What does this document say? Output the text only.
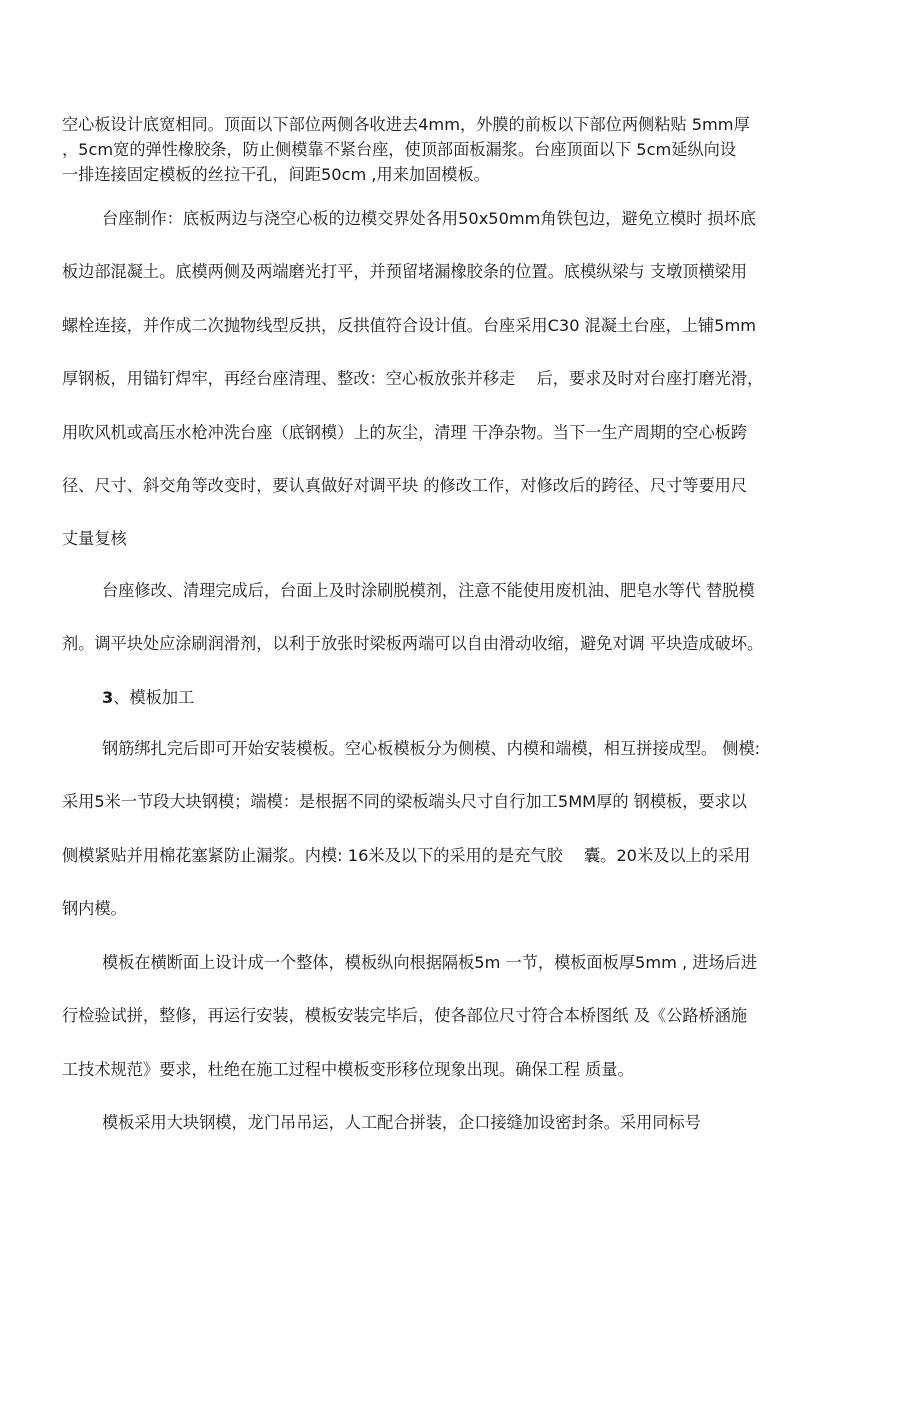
空心板设计底宽相同。顶面以下部位两侧各收进去4mm，外膜的前板以下部位两侧粘贴 5mm厚
，5cm宽的弹性橡胶条，防止侧模靠不紧台座，使顶部面板漏浆。台座顶面以下 5cm延纵向设
一排连接固定模板的丝拉干孔，间距50cm ,用来加固模板。
台座制作：底板两边与浇空心板的边模交界处各用50x50mm角铁包边，避免立模时 损坏底
板边部混凝土。底模两侧及两端磨光打平，并预留堵漏橡胶条的位置。底模纵梁与 支墩顶横梁用
螺栓连接，并作成二次抛物线型反拱，反拱值符合设计值。台座采用C30 混凝土台座，上铺5mm
厚钢板，用锚钉焊牢，再经台座清理、整改：空心板放张并移走　 后，要求及时对台座打磨光滑，
用吹风机或高压水枪冲洗台座（底钢模）上的灰尘，清理 干净杂物。当下一生产周期的空心板跨
径、尺寸、斜交角等改变时，要认真做好对调平块 的修改工作，对修改后的跨径、尺寸等要用尺
丈量复核
台座修改、清理完成后，台面上及时涂刷脱模剂，注意不能使用废机油、肥皂水等代 替脱模
剂。调平块处应涂刷润滑剂，以利于放张时梁板两端可以自由滑动收缩，避免对调 平块造成破坏。
3、模板加工
钢筋绑扎完后即可开始安装模板。空心板模板分为侧模、内模和端模，相互拼接成型。 侧模:
采用5米一节段大块钢模；端模：是根据不同的梁板端头尺寸自行加工5MM厚的 钢模板，要求以
侧模紧贴并用棉花塞紧防止漏浆。内模: 16米及以下的采用的是充气胶　 囊。20米及以上的采用
钢内模。
模板在横断面上设计成一个整体，模板纵向根据隔板5m 一节，模板面板厚5mm , 进场后进
行检验试拼，整修，再运行安装，模板安装完毕后，使各部位尺寸符合本桥图纸 及《公路桥涵施
工技术规范》要求，杜绝在施工过程中模板变形移位现象出现。确保工程 质量。
模板采用大块钢模，龙门吊吊运，人工配合拼装，企口接缝加设密封条。采用同标号
